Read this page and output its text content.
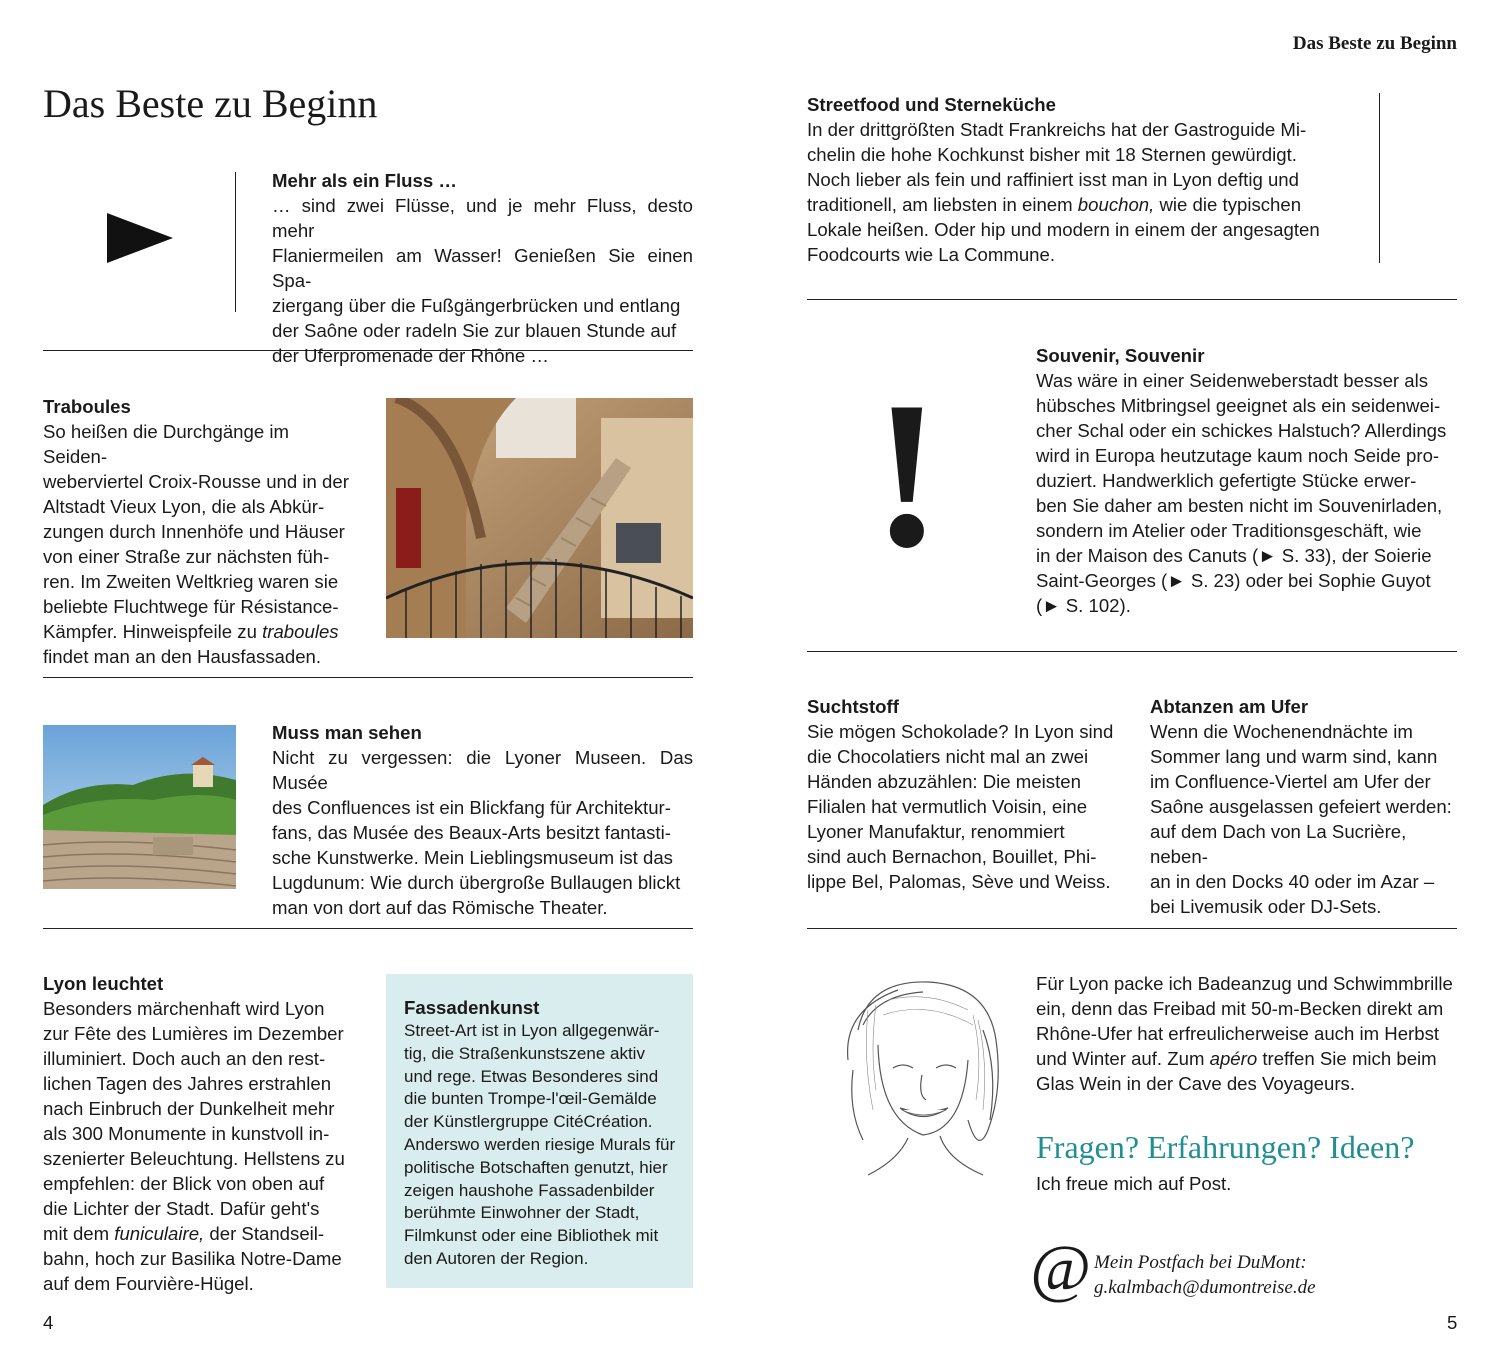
Das Beste zu Beginn
Das Beste zu Beginn
Mehr als ein Fluss …
… sind zwei Flüsse, und je mehr Fluss, desto mehr
Flaniermeilen am Wasser! Genießen Sie einen Spa-
ziergang über die Fußgängerbrücken und entlang
der Saône oder radeln Sie zur blauen Stunde auf
der Uferpromenade der Rhône …
Traboules
So heißen die Durchgänge im Seiden-
weberviertel Croix-Rousse und in der
Altstadt Vieux Lyon, die als Abkür-
zungen durch Innenhöfe und Häuser
von einer Straße zur nächsten füh-
ren. Im Zweiten Weltkrieg waren sie
beliebte Fluchtwege für Résistance-
Kämpfer. Hinweispfeile zu traboules
findet man an den Hausfassaden.
Muss man sehen
Nicht zu vergessen: die Lyoner Museen. Das Musée
des Confluences ist ein Blickfang für Architektur-
fans, das Musée des Beaux-Arts besitzt fantasti-
sche Kunstwerke. Mein Lieblingsmuseum ist das
Lugdunum: Wie durch übergroße Bullaugen blickt
man von dort auf das Römische Theater.
Lyon leuchtet
Besonders märchenhaft wird Lyon
zur Fête des Lumières im Dezember
illuminiert. Doch auch an den rest-
lichen Tagen des Jahres erstrahlen
nach Einbruch der Dunkelheit mehr
als 300 Monumente in kunstvoll in-
szenierter Beleuchtung. Hellstens zu
empfehlen: der Blick von oben auf
die Lichter der Stadt. Dafür geht's
mit dem funiculaire, der Standseil-
bahn, hoch zur Basilika Notre-Dame
auf dem Fourvière-Hügel.
Fassadenkunst
Street-Art ist in Lyon allgegenwär-
tig, die Straßenkunstszene aktiv
und rege. Etwas Besonderes sind
die bunten Trompe-l'œil-Gemälde
der Künstlergruppe CitéCréation.
Anderswo werden riesige Murals für
politische Botschaften genutzt, hier
zeigen haushohe Fassadenbilder
berühmte Einwohner der Stadt,
Filmkunst oder eine Bibliothek mit
den Autoren der Region.
4
Streetfood und Sterneküche
In der drittgrößten Stadt Frankreichs hat der Gastroguide Mi-
chelin die hohe Kochkunst bisher mit 18 Sternen gewürdigt.
Noch lieber als fein und raffiniert isst man in Lyon deftig und
traditionell, am liebsten in einem bouchon, wie die typischen
Lokale heißen. Oder hip und modern in einem der angesagten
Foodcourts wie La Commune.
!
Souvenir, Souvenir
Was wäre in einer Seidenweberstadt besser als
hübsches Mitbringsel geeignet als ein seidenwei-
cher Schal oder ein schickes Halstuch? Allerdings
wird in Europa heutzutage kaum noch Seide pro-
duziert. Handwerklich gefertigte Stücke erwer-
ben Sie daher am besten nicht im Souvenirladen,
sondern im Atelier oder Traditionsgeschäft, wie
in der Maison des Canuts (► S. 33), der Soierie
Saint-Georges (► S. 23) oder bei Sophie Guyot
(► S. 102).
Suchtstoff
Sie mögen Schokolade? In Lyon sind
die Chocolatiers nicht mal an zwei
Händen abzuzählen: Die meisten
Filialen hat vermutlich Voisin, eine
Lyoner Manufaktur, renommiert
sind auch Bernachon, Bouillet, Phi-
lippe Bel, Palomas, Sève und Weiss.
Abtanzen am Ufer
Wenn die Wochenendnächte im
Sommer lang und warm sind, kann
im Confluence-Viertel am Ufer der
Saône ausgelassen gefeiert werden:
auf dem Dach von La Sucrière, neben-
an in den Docks 40 oder im Azar –
bei Livemusik oder DJ-Sets.
Für Lyon packe ich Badeanzug und Schwimmbrille
ein, denn das Freibad mit 50-m-Becken direkt am
Rhône-Ufer hat erfreulicherweise auch im Herbst
und Winter auf. Zum apéro treffen Sie mich beim
Glas Wein in der Cave des Voyageurs.
Fragen? Erfahrungen? Ideen?
Ich freue mich auf Post.
@ Mein Postfach bei DuMont:
g.kalmbach@dumontreise.de
5
